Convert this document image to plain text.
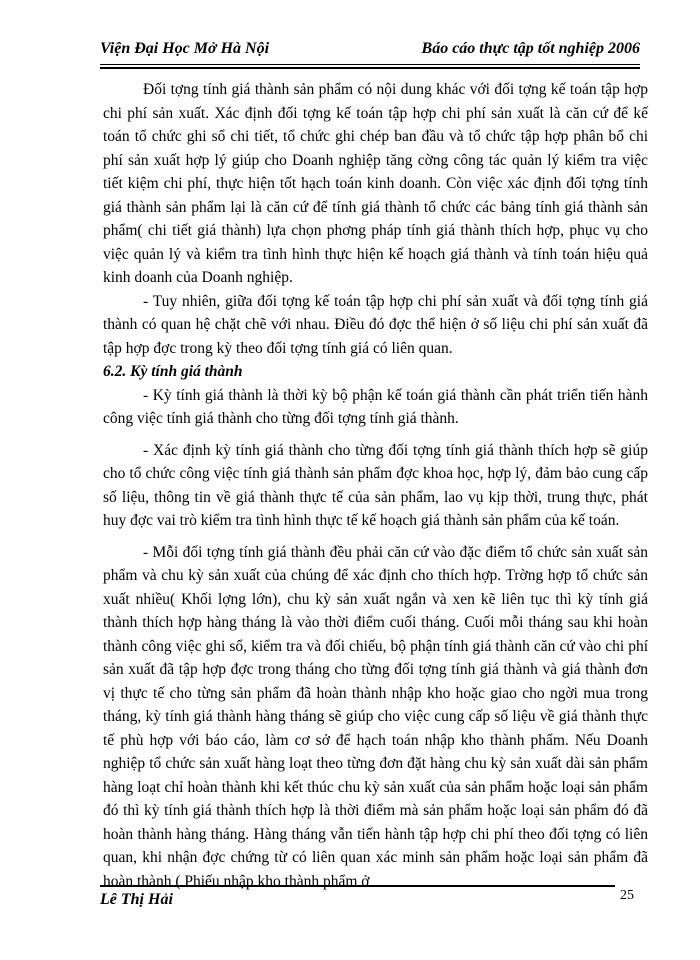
Viện Đại Học Mở Hà Nội	Báo cáo thực tập tốt nghiệp 2006

Đối tợng tính giá thành sản phẩm có nội dung khác với đối tợng kế toán tập hợp chi phí sản xuất. Xác định đối tợng kế toán tập hợp chi phí sản xuất là căn cứ để kế toán tổ chức ghi sổ chi tiết, tổ chức ghi chép ban đầu và tổ chức tập hợp phân bổ chi phí sản xuất hợp lý giúp cho Doanh nghiệp tăng cờng công tác quản lý kiểm tra việc tiết kiệm chi phí, thực hiện tốt hạch toán kinh doanh. Còn việc xác định đối tợng tính giá thành sản phẩm lại là căn cứ để tính giá thành tổ chức các bảng tính giá thành sản phẩm( chi tiết giá thành) lựa chọn phơng pháp tính giá thành thích hợp, phục vụ cho việc quản lý và kiểm tra tình hình thực hiện kế hoạch giá thành và tính toán hiệu quả kinh doanh của Doanh nghiệp.

- Tuy nhiên, giữa đối tợng kế toán tập hợp chi phí sản xuất và đối tợng tính giá thành có quan hệ chặt chẽ với nhau. Điều đó đợc thể hiện ở số liệu chi phí sản xuất đã tập hợp đợc trong kỳ theo đối tợng tính giá có liên quan.

6.2. Kỳ tính giá thành

- Kỳ tính giá thành là thời kỳ bộ phận kế toán giá thành cần phát triển tiến hành công việc tính giá thành cho từng đối tợng tính giá thành.

- Xác định kỳ tính giá thành cho từng đối tợng tính giá thành thích hợp sẽ giúp cho tổ chức công việc tính giá thành sản phẩm đợc khoa học, hợp lý, đảm bảo cung cấp số liệu, thông tin về giá thành thực tế của sản phẩm, lao vụ kịp thời, trung thực, phát huy đợc vai trò kiểm tra tình hình thực tế kế hoạch giá thành sản phẩm của kế toán.

- Mỗi đối tợng tính giá thành đều phải căn cứ vào đặc điểm tổ chức sản xuất sản phẩm và chu kỳ sản xuất của chúng để xác định cho thích hợp. Trờng hợp tổ chức sản xuất nhiều( Khối lợng lớn), chu kỳ sản xuất ngắn và xen kẽ liên tục thì kỳ tính giá thành thích hợp hàng tháng là vào thời điểm cuối tháng. Cuối mỗi tháng sau khi hoàn thành công việc ghi sổ, kiểm tra và đối chiếu, bộ phận tính giá thành căn cứ vào chi phí sản xuất đã tập hợp đợc trong tháng cho từng đối tợng tính giá thành và giá thành đơn vị thực tế cho từng sản phẩm đã hoàn thành nhập kho hoặc giao cho ngời mua trong tháng, kỳ tính giá thành hàng tháng sẽ giúp cho việc cung cấp số liệu về giá thành thực tế phù hợp với báo cáo, làm cơ sở để hạch toán nhập kho thành phẩm. Nếu Doanh nghiệp tổ chức sản xuất hàng loạt theo từng đơn đặt hàng chu kỳ sản xuất dài sản phẩm hàng loạt chỉ hoàn thành khi kết thúc chu kỳ sản xuất của sản phẩm hoặc loại sản phẩm đó thì kỳ tính giá thành thích hợp là thời điểm mà sản phẩm hoặc loại sản phẩm đó đã hoàn thành hàng tháng. Hàng tháng vẫn tiến hành tập hợp chi phí theo đối tợng có liên quan, khi nhận đợc chứng từ có liên quan xác minh sản phẩm hoặc loại sản phẩm đã hoàn thành ( Phiếu nhập kho thành phẩm ở

Lê Thị Hải	25
